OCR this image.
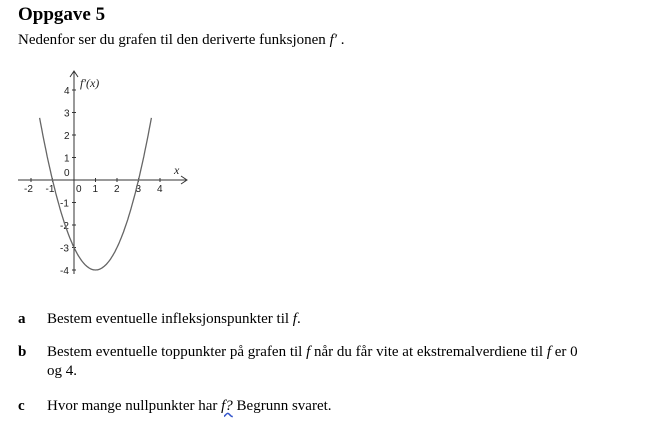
Oppgave 5
Nedenfor ser du grafen til den deriverte funksjonen f′ .
f′(x)
x
-2 -1 0 1 2 3 4
4
3
2
1
0
-1
-2
-3
-4
a Bestem eventuelle infleksjonspunkter til f.
b Bestem eventuelle toppunkter på grafen til f når du får vite at ekstremalverdiene til f er 0
og 4.
c Hvor mange nullpunkter har f? Begrunn svaret.
